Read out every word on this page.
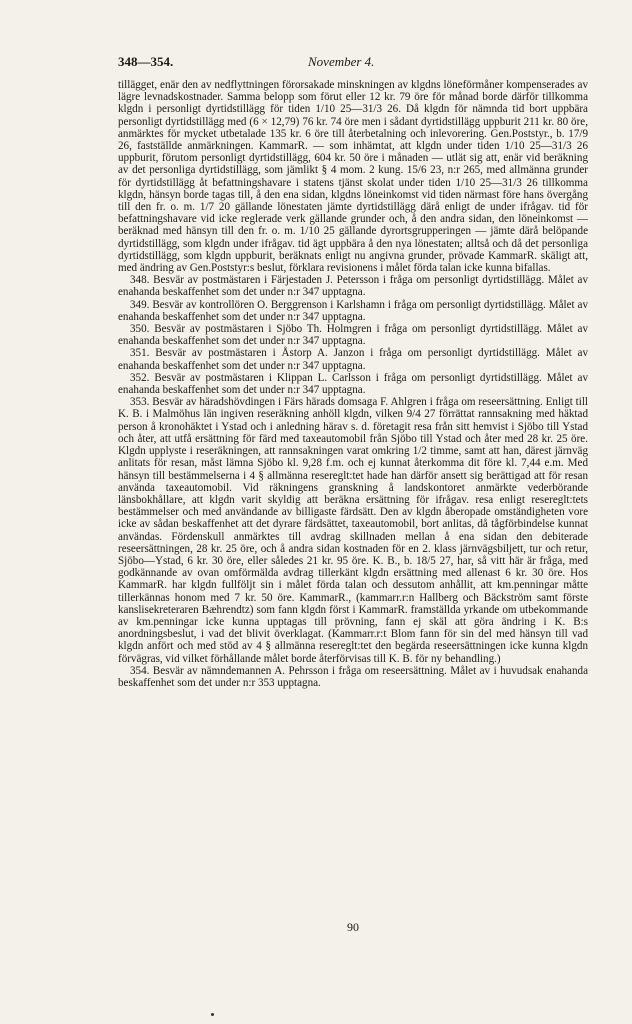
348—354.	November 4.

tillägget, enär den av nedflyttningen förorsakade minskningen av klgdns löneförmåner kompenserades av lägre levnadskostnader. Samma belopp som förut eller 12 kr. 79 öre för månad borde därför tillkomma klgdn i personligt dyrtidstillägg för tiden 1/10 25—31/3 26. Då klgdn för nämnda tid bort uppbära personligt dyrtidstillägg med (6 × 12,79) 76 kr. 74 öre men i sådant dyrtidstillägg uppburit 211 kr. 80 öre, anmärktes för mycket utbetalade 135 kr. 6 öre till återbetalning och inlevorering. Gen.Poststyr., b. 17/9 26, fastställde anmärkningen. KammarR. — som inhämtat, att klgdn under tiden 1/10 25—31/3 26 uppburit, förutom personligt dyrtidstillägg, 604 kr. 50 öre i månaden — utlät sig att, enär vid beräkning av det personliga dyrtidstillägg, som jämlikt § 4 mom. 2 kung. 15/6 23, n:r 265, med allmänna grunder för dyrtidstillägg åt befattningshavare i statens tjänst skolat under tiden 1/10 25—31/3 26 tillkomma klgdn, hänsyn borde tagas till, å den ena sidan, klgdns löneinkomst vid tiden närmast före hans övergång till den fr. o. m. 1/7 20 gällande lönestaten jämte dyrtidstillägg därå enligt de under ifrågav. tid för befattningshavare vid icke reglerade verk gällande grunder och, å den andra sidan, den löneinkomst — beräknad med hänsyn till den fr. o. m. 1/10 25 gällande dyrortsgrupperingen — jämte därå belöpande dyrtidstillägg, som klgdn under ifrågav. tid ägt uppbära å den nya lönestaten; alltså och då det personliga dyrtidstillägg, som klgdn uppburit, beräknats enligt nu angivna grunder, prövade KammarR. skäligt att, med ändring av Gen.Poststyr:s beslut, förklara revisionens i målet förda talan icke kunna bifallas.

348. Besvär av postmästaren i Färjestaden J. Petersson i fråga om personligt dyrtidstillägg. Målet av enahanda beskaffenhet som det under n:r 347 upptagna.

349. Besvär av kontrollören O. Berggrenson i Karlshamn i fråga om personligt dyrtidstillägg. Målet av enahanda beskaffenhet som det under n:r 347 upptagna.

350. Besvär av postmästaren i Sjöbo Th. Holmgren i fråga om personligt dyrtidstillägg. Målet av enahanda beskaffenhet som det under n:r 347 upptagna.

351. Besvär av postmästaren i Åstorp A. Janzon i fråga om personligt dyrtidstillägg. Målet av enahanda beskaffenhet som det under n:r 347 upptagna.

352. Besvär av postmästaren i Klippan L. Carlsson i fråga om personligt dyrtidstillägg. Målet av enahanda beskaffenhet som det under n:r 347 upptagna.

353. Besvär av häradshövdingen i Färs härads domsaga F. Ahlgren i fråga om reseersättning. Enligt till K. B. i Malmöhus län ingiven reseräkning anhöll klgdn, vilken 9/4 27 förrättat rannsakning med häktad person å kronohäktet i Ystad och i anledning härav s. d. företagit resa från sitt hemvist i Sjöbo till Ystad och åter, att utfå ersättning för färd med taxeautomobil från Sjöbo till Ystad och åter med 28 kr. 25 öre. Klgdn upplyste i reseräkningen, att rannsakningen varat omkring 1/2 timme, samt att han, därest järnväg anlitats för resan, måst lämna Sjöbo kl. 9,28 f.m. och ej kunnat återkomma dit före kl. 7,44 e.m. Med hänsyn till bestämmelserna i 4 § allmänna resereglt:tet hade han därför ansett sig berättigad att för resan använda taxeautomobil. Vid räkningens granskning å landskontoret anmärkte vederbörande länsbokhållare, att klgdn varit skyldig att beräkna ersättning för ifrågav. resa enligt resereglt:tets bestämmelser och med användande av billigaste färdsätt. Den av klgdn åberopade omständigheten vore icke av sådan beskaffenhet att det dyrare färdsättet, taxeautomobil, bort anlitas, då tågförbindelse kunnat användas. Fördenskull anmärktes till avdrag skillnaden mellan å ena sidan den debiterade reseersättningen, 28 kr. 25 öre, och å andra sidan kostnaden för en 2. klass järnvägsbiljett, tur och retur, Sjöbo—Ystad, 6 kr. 30 öre, eller således 21 kr. 95 öre. K. B., b. 18/5 27, har, så vitt här är fråga, med godkännande av ovan omförmälda avdrag tillerkänt klgdn ersättning med allenast 6 kr. 30 öre. Hos KammarR. har klgdn fullföljt sin i målet förda talan och dessutom anhållit, att km.penningar måtte tillerkännas honom med 7 kr. 50 öre. KammarR., (kammarr.r:n Hallberg och Bäckström samt förste kanslisekreteraren Bæhrendtz) som fann klgdn först i KammarR. framställda yrkande om utbekommande av km.penningar icke kunna upptagas till prövning, fann ej skäl att göra ändring i K. B:s anordningsbeslut, i vad det blivit överklagat. (Kammarr.r:t Blom fann för sin del med hänsyn till vad klgdn anfört och med stöd av 4 § allmänna resereglt:tet den begärda reseersättningen icke kunna klgdn förvägras, vid vilket förhållande målet borde återförvisas till K. B. för ny behandling.)

354. Besvär av nämndemannen A. Pehrsson i fråga om reseersättning. Målet av i huvudsak enahanda beskaffenhet som det under n:r 353 upptagna.

90
